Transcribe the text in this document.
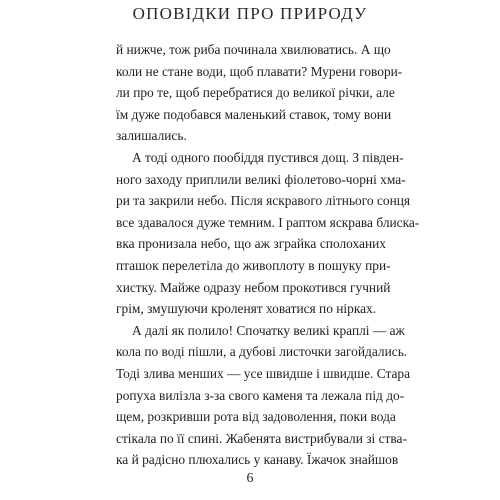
ОПОВІДКИ ПРО ПРИРОДУ
й нижче, тож риба починала хвилюватись. А що
коли не стане води, щоб плавати? Мурени говори-
ли про те, щоб перебратися до великої річки, але
їм дуже подобався маленький ставок, тому вони
залишались.
А тоді одного пообіддя пустився дощ. З півден-
ного заходу приплили великі фіолетово-чорні хма-
ри та закрили небо. Після яскравого літнього сонця
все здавалося дуже темним. І раптом яскрава блиска-
вка пронизала небо, що аж зграйка сполоханих
пташок перелетіла до живоплоту в пошуку при-
хистку. Майже одразу небом прокотився гучний
грім, змушуючи кроленят ховатися по нірках.
А далі як полило! Спочатку великі краплі — аж
кола по воді пішли, а дубові листочки загойдались.
Тоді злива менших — усе швидше і швидше. Стара
ропуха вилізла з-за свого каменя та лежала під до-
щем, розкривши рота від задоволення, поки вода
стікала по її спині. Жабенята вистрибували зі ства-
ка й радісно плюхались у канаву. Їжачок знайшов
6
